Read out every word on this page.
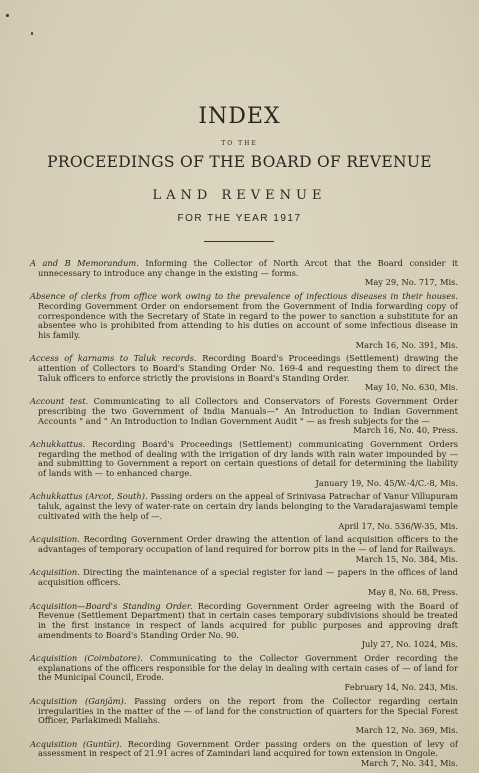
INDEX
TO THE
PROCEEDINGS OF THE BOARD OF REVENUE
LAND REVENUE
FOR THE YEAR 1917
A and B Memorandum. Informing the Collector of North Arcot that the Board consider it unnecessary to introduce any change in the existing — forms.
May 29, No. 717, Mis.
Absence of clerks from office work owing to the prevalence of infectious diseases in their houses. Recording Government Order on endorsement from the Government of India forwarding copy of correspondence with the Secretary of State in regard to the power to sanction a substitute for an absentee who is prohibited from attending to his duties on account of some infectious disease in his family.
March 16, No. 391, Mis.
Access of karnams to Taluk records. Recording Board's Proceedings (Settlement) drawing the attention of Collectors to Board's Standing Order No. 169-4 and requesting them to direct the Taluk officers to enforce strictly the provisions in Board's Standing Order.
May 10, No. 630, Mis.
Account test. Communicating to all Collectors and Conservators of Forests Government Order prescribing the two Government of India Manuals—" An Introduction to Indian Government Accounts " and " An Introduction to Indian Government Audit " — as fresh subjects for the —
March 16, No. 40, Press.
Achukkattus. Recording Board's Proceedings (Settlement) communicating Government Orders regarding the method of dealing with the irrigation of dry lands with rain water impounded by — and submitting to Government a report on certain questions of detail for determining the liability of lands with — to enhanced charge.
January 19, No. 45/W.-4/C.-8, Mis.
Achukkattus (Arcot, South). Passing orders on the appeal of Srinivasa Patrachar of Vanur Villupuram taluk, against the levy of water-rate on certain dry lands belonging to the Varadarajaswami temple cultivated with the help of —.
April 17, No. 536/W-35, Mis.
Acquisition. Recording Government Order drawing the attention of land acquisition officers to the advantages of temporary occupation of land required for borrow pits in the — of land for Railways.
March 15, No. 384, Mis.
Acquisition. Directing the maintenance of a special register for land — papers in the offices of land acquisition officers.
May 8, No. 68, Press.
Acquisition—Board's Standing Order. Recording Government Order agreeing with the Board of Revenue (Settlement Department) that in certain cases temporary subdivisions should be treated in the first instance in respect of lands acquired for public purposes and approving draft amendments to Board's Standing Order No. 90.
July 27, No. 1024, Mis.
Acquisition (Coimbatore). Communicating to the Collector Government Order recording the explanations of the officers responsible for the delay in dealing with certain cases of — of land for the Municipal Council, Erode.
February 14, No. 243, Mis.
Acquisition (Ganjām). Passing orders on the report from the Collector regarding certain irregularities in the matter of the — of land for the construction of quarters for the Special Forest Officer, Parlakimedi Maliahs.
March 12, No. 369, Mis.
Acquisition (Guntūr). Recording Government Order passing orders on the question of levy of assessment in respect of 21.91 acres of Zamindari land acquired for town extension in Ongole.
March 7, No. 341, Mis.
